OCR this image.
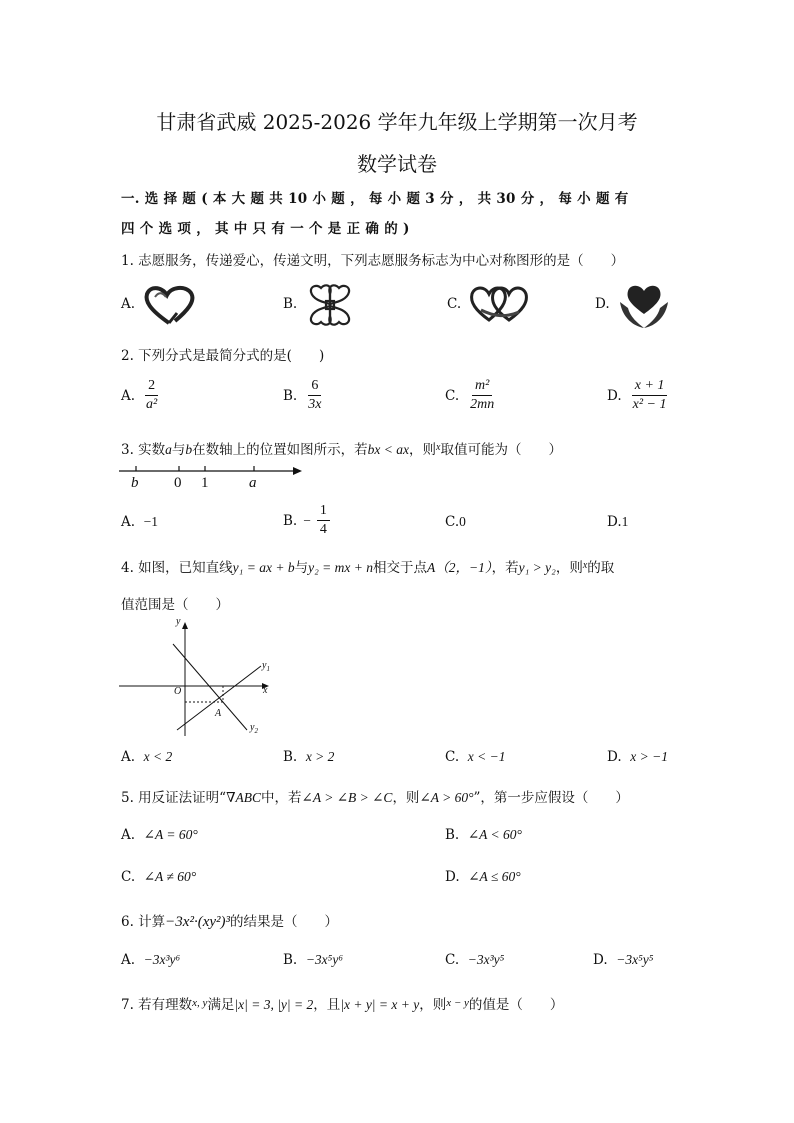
甘肃省武威 2025-2026 学年九年级上学期第一次月考
数学试卷
一. 选 择 题 ( 本 大 题 共 10 小 题 ， 每 小 题 3 分 ， 共 30 分 ， 每 小 题 有
四 个 选 项 ， 其 中 只 有 一 个 是 正 确 的 )
1. 志愿服务，传递爱心，传递文明，下列志愿服务标志为中心对称图形的是（　　）
A.	B.	C.	D.
2. 下列分式是最简分式的是(　　)
A. $\frac{2}{\text{a²}}$	B. $\frac{6}{3x}$	C. $\frac{\text{m²}}{2mn}$	D. $\frac{x + 1}{\text{x² − 1}}$
3. 实数a与b在数轴上的位置如图所示，若bx < ax，则$^x$取值可能为（　　）
b 0 1	a
A. −1	B. − $\frac{1}{4}$	C.0	D.1
4. 如图，已知直线y₁ = ax + b与y₂ = mx + n相交于点A（2，−1），若y₁ > y₂，则$^x$的取
值范围是（　　）
y
x
O
A
$y_1$
$y_2$
A. x < 2	B. x > 2	C. x < −1	D. x > −1
5. 用反证法证明“∇ABC中，若∠A > ∠B > ∠C，则∠A > 60°”，第一步应假设（　　）
A. ∠A = 60°	B. ∠A < 60°
C. ∠A ≠ 60°	D. ∠A ≤ 60°
6. 计算−3x²·(xy²)³的结果是（　　）
A. −3x³y⁶	B. −3x⁵y⁶	C. −3x³y⁵	D. −3x⁵y⁵
7. 若有理数$^{x, y}$满足|x| = 3, |y| = 2，且|x + y| = x + y，则$^{x - y}$的值是（　　）
